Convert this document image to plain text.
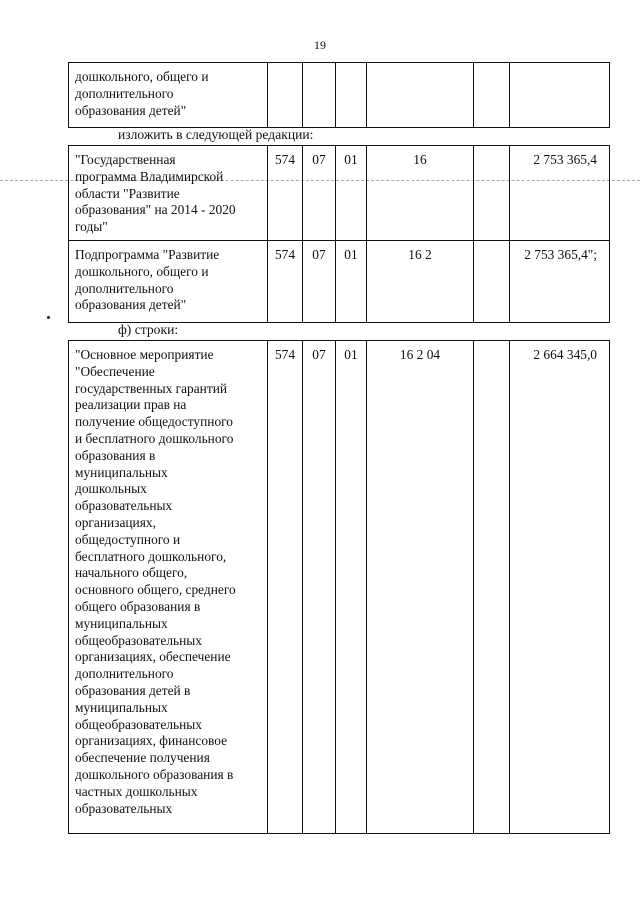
19
дошкольного, общего и
дополнительного
образования детей"						
изложить в следующей редакции:
"Государственная
программа Владимирской
области "Развитие
образования" на 2014 - 2020
годы"	574	07	01	16		2 753 365,4
Подпрограмма "Развитие
дошкольного, общего и
дополнительного
образования детей"	574	07	01	16 2		2 753 365,4";
ф) строки:
"Основное мероприятие
"Обеспечение
государственных гарантий
реализации прав на
получение общедоступного
и бесплатного дошкольного
образования в
муниципальных
дошкольных
образовательных
организациях,
общедоступного и
бесплатного дошкольного,
начального общего,
основного общего, среднего
общего образования в
муниципальных
общеобразовательных
организациях, обеспечение
дополнительного
образования детей в
муниципальных
общеобразовательных
организациях, финансовое
обеспечение получения
дошкольного образования в
частных дошкольных
образовательных	574	07	01	16 2 04		2 664 345,0
